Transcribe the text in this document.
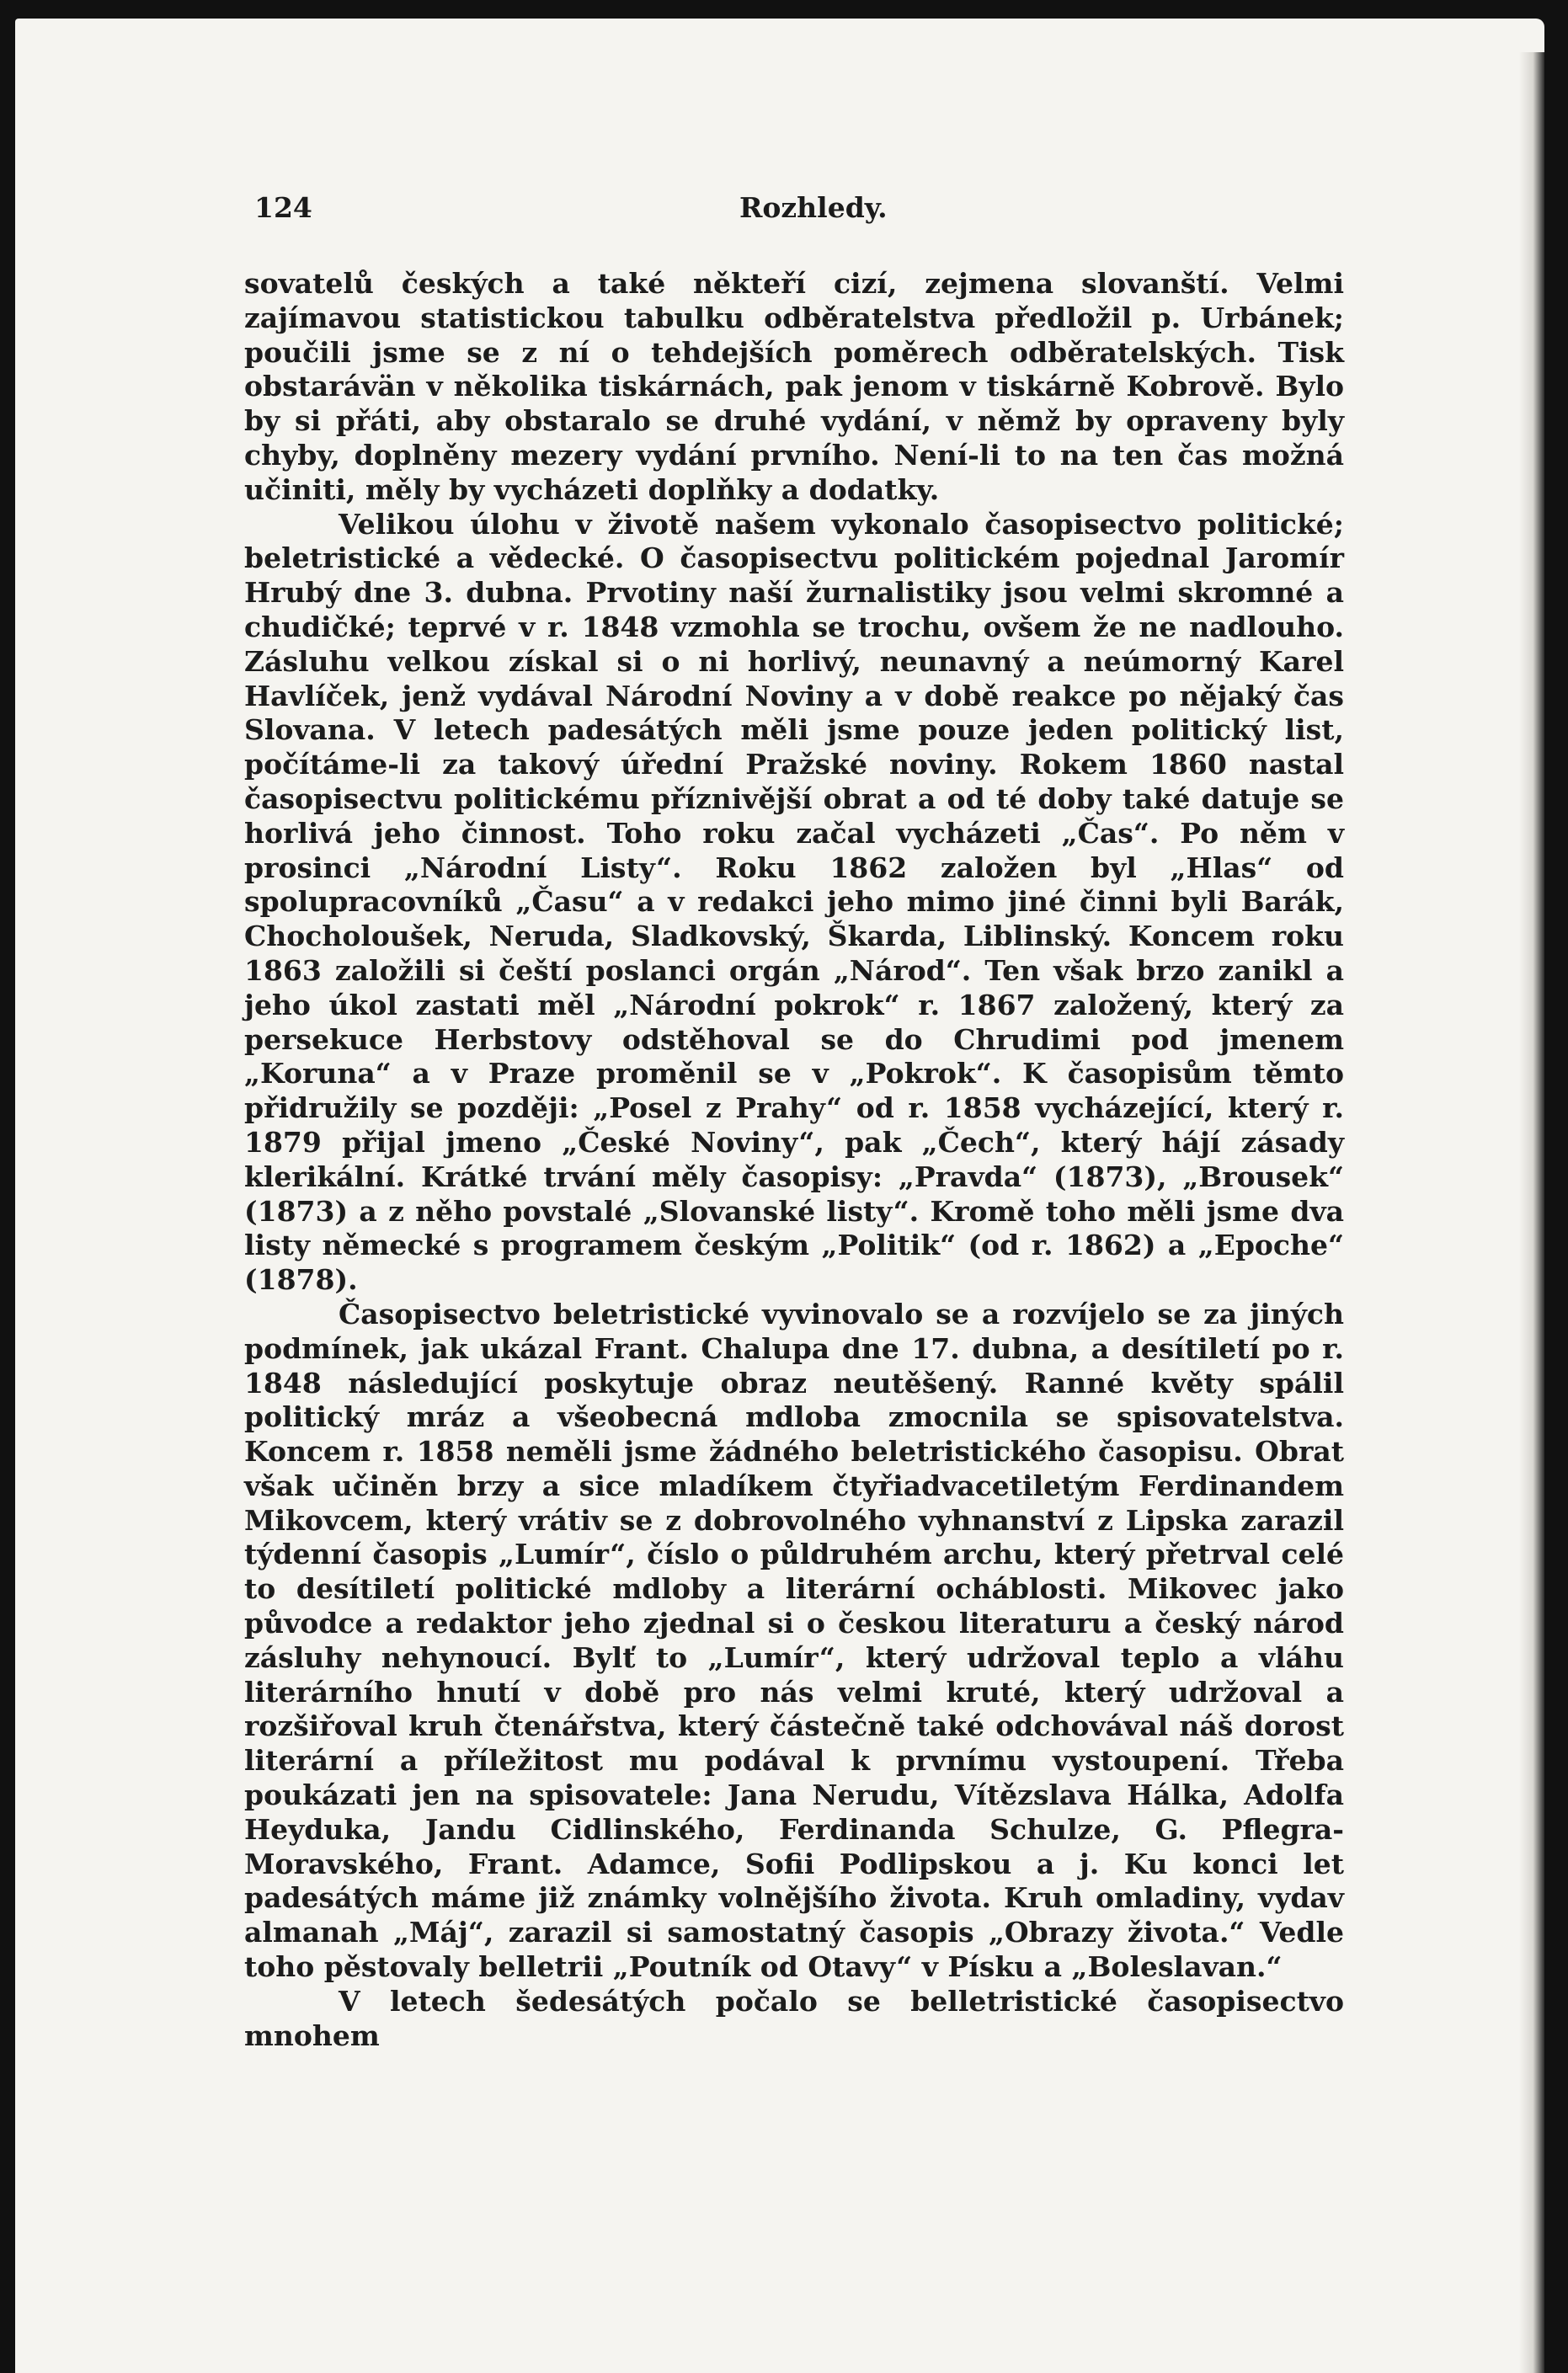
124	Rozhledy.

sovatelů českých a také někteří cizí, zejmena slovanští. Velmi zajímavou statistickou tabulku odběratelstva předložil p. Urbánek; poučili jsme se z ní o tehdejších poměrech odběratelských. Tisk obstarávän v několika tiskárnách, pak jenom v tiskárně Kobrově. Bylo by si přáti, aby obstaralo se druhé vydání, v němž by opraveny byly chyby, doplněny mezery vydání prvního. Není-li to na ten čas možná učiniti, měly by vycházeti doplňky a dodatky.

Velikou úlohu v životě našem vykonalo časopisectvo politické; beletristické a vědecké. O časopisectvu politickém pojednal Jaromír Hrubý dne 3. dubna. Prvotiny naší žurnalistiky jsou velmi skromné a chudičké; teprvé v r. 1848 vzmohla se trochu, ovšem že ne nadlouho. Zásluhu velkou získal si o ni horlivý, neunavný a neúmorný Karel Havlíček, jenž vydával Národní Noviny a v době reakce po nějaký čas Slovana. V letech padesátých měli jsme pouze jeden politický list, počítáme-li za takový úřední Pražské noviny. Rokem 1860 nastal časopisectvu politickému příznivější obrat a od té doby také datuje se horlivá jeho činnost. Toho roku začal vycházeti „Čas“. Po něm v prosinci „Národní Listy“. Roku 1862 založen byl „Hlas“ od spolupracovníků „Času“ a v redakci jeho mimo jiné činni byli Barák, Chocholoušek, Neruda, Sladkovský, Škarda, Liblinský. Koncem roku 1863 založili si čeští poslanci orgán „Národ“. Ten však brzo zanikl a jeho úkol zastati měl „Národní pokrok“ r. 1867 založený, který za persekuce Herbstovy odstěhoval se do Chrudimi pod jmenem „Koruna“ a v Praze proměnil se v „Pokrok“. K časopisům těmto přidružily se později: „Posel z Prahy“ od r. 1858 vycházející, který r. 1879 přijal jmeno „České Noviny“, pak „Čech“, který hájí zásady klerikální. Krátké trvání měly časopisy: „Pravda“ (1873), „Brousek“ (1873) a z něho povstalé „Slovanské listy“. Kromě toho měli jsme dva listy německé s programem českým „Politik“ (od r. 1862) a „Epoche“ (1878).

Časopisectvo beletristické vyvinovalo se a rozvíjelo se za jiných podmínek, jak ukázal Frant. Chalupa dne 17. dubna, a desítiletí po r. 1848 následující poskytuje obraz neutěšený. Ranné květy spálil politický mráz a všeobecná mdloba zmocnila se spisovatelstva. Koncem r. 1858 neměli jsme žádného beletristického časopisu. Obrat však učiněn brzy a sice mladíkem čtyřiadvacetiletým Ferdinandem Mikovcem, který vrátiv se z dobrovolného vyhnanství z Lipska zarazil týdenní časopis „Lumír“, číslo o půldruhém archu, který přetrval celé to desítiletí politické mdloby a literární ocháblosti. Mikovec jako původce a redaktor jeho zjednal si o českou literaturu a český národ zásluhy nehynoucí. Bylť to „Lumír“, který udržoval teplo a vláhu literárního hnutí v době pro nás velmi kruté, který udržoval a rozšiřoval kruh čtenářstva, který částečně také odchovával náš dorost literární a příležitost mu podával k prvnímu vystoupení. Třeba poukázati jen na spisovatele: Jana Nerudu, Vítězslava Hálka, Adolfa Heyduka, Jandu Cidlinského, Ferdinanda Schulze, G. Pflegra-Moravského, Frant. Adamce, Sofii Podlipskou a j. Ku konci let padesátých máme již známky volnějšího života. Kruh omladiny, vydav almanah „Máj“, zarazil si samostatný časopis „Obrazy života.“ Vedle toho pěstovaly belletrii „Poutník od Otavy“ v Písku a „Boleslavan.“

V letech šedesátých počalo se belletristické časopisectvo mnohem
